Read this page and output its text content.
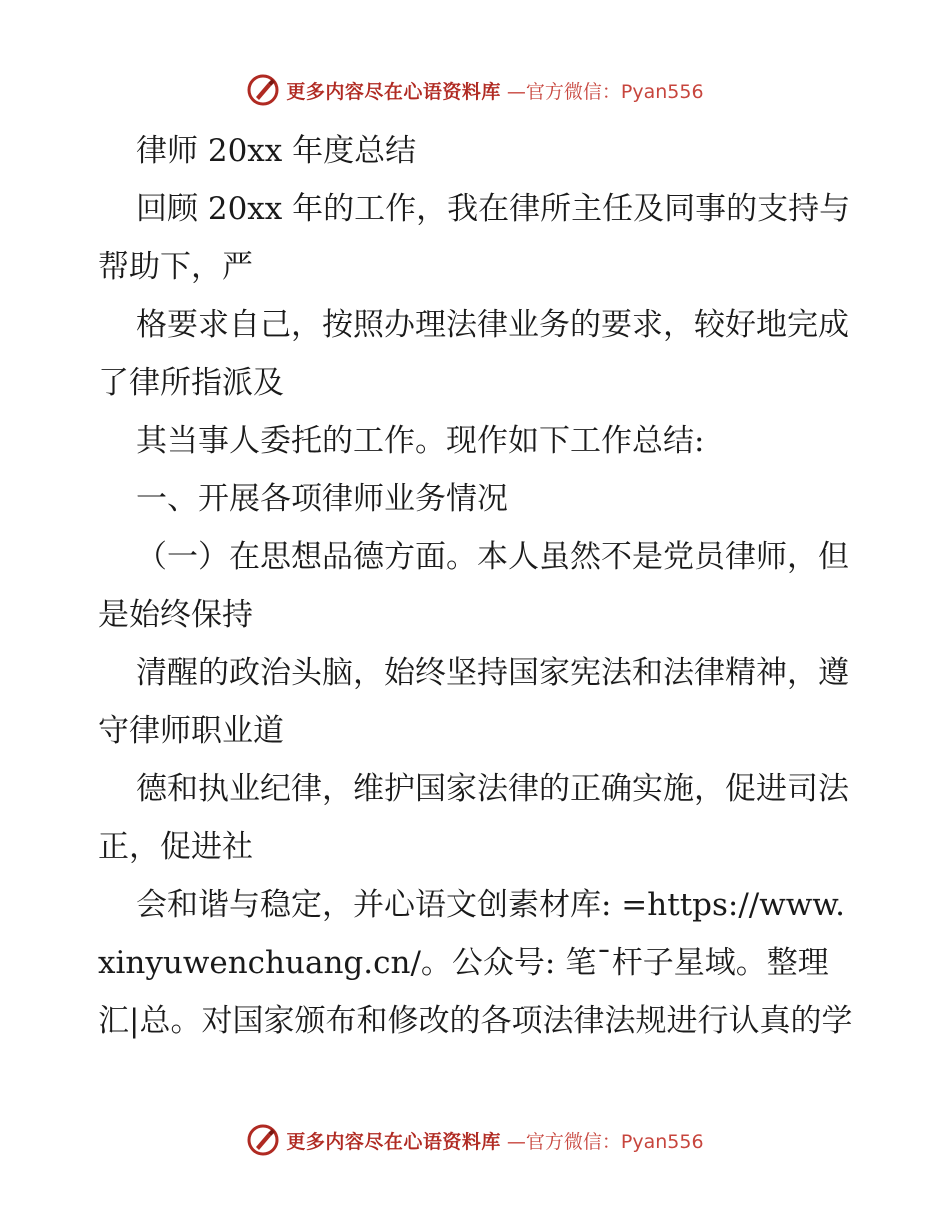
更多内容尽在心语资料库 —官方微信：Pyan556

律师 20xx 年度总结

回顾 20xx 年的工作，我在律所主任及同事的支持与帮助下，严

格要求自己，按照办理法律业务的要求，较好地完成了律所指派及

其当事人委托的工作。现作如下工作总结:

一、开展各项律师业务情况

（一）在思想品德方面。本人虽然不是党员律师，但是始终保持

清醒的政治头脑，始终坚持国家宪法和法律精神，遵守律师职业道

德和执业纪律，维护国家法律的正确实施，促进司法正，促进社

会和谐与稳定，并心语文创素材库: =https://www.xinyuwenchuang.cn/。公众号: 笔¯杆子星域。整理汇|总。对国家颁布和修改的各项法律法规进行认真的学

更多内容尽在心语资料库 —官方微信：Pyan556
